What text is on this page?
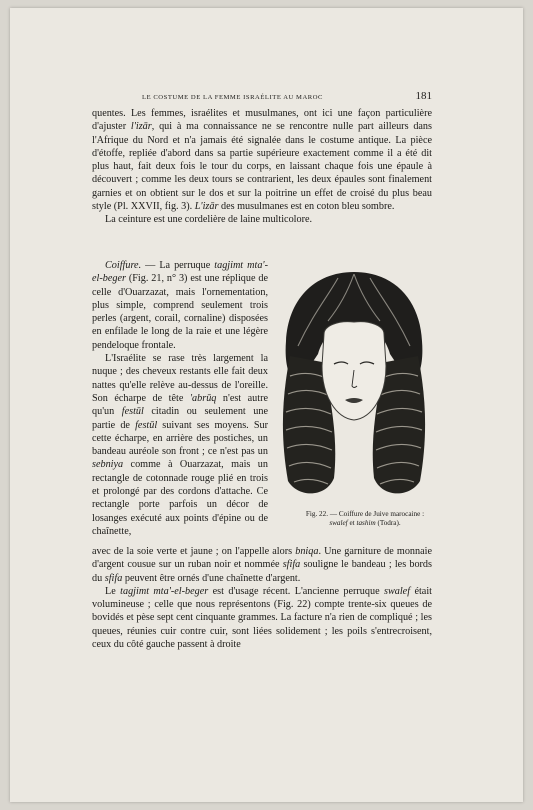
LE COSTUME DE LA FEMME ISRAÉLITE AU MAROC	181

quentes. Les femmes, israélites et musulmanes, ont ici une façon particulière d'ajuster l'izār, qui à ma connaissance ne se rencontre nulle part ailleurs dans l'Afrique du Nord et n'a jamais été signalée dans le costume antique. La pièce d'étoffe, repliée d'abord dans sa partie supérieure exactement comme il a été dit plus haut, fait deux fois le tour du corps, en laissant chaque fois une épaule à découvert ; comme les deux tours se contrarient, les deux épaules sont finalement garnies et on obtient sur le dos et sur la poitrine un effet de croisé du plus beau style (Pl. XXVII, fig. 3). L'izār des musulmanes est en coton bleu sombre.

La ceinture est une cordelière de laine multicolore.

Coiffure. — La perruque tagjimt mta'-el-beger (Fig. 21, n° 3) est une réplique de celle d'Ouarzazat, mais l'ornementation, plus simple, comprend seulement trois perles (argent, corail, cornaline) disposées en enfilade le long de la raie et une légère pendeloque frontale.

L'Israélite se rase très largement la nuque ; des cheveux restants elle fait deux nattes qu'elle relève au-dessus de l'oreille. Son écharpe de tête 'abrūq n'est autre qu'un festūl citadin ou seulement une partie de festūl suivant ses moyens. Sur cette écharpe, en arrière des postiches, un bandeau auréole son front ; ce n'est pas un sebniya comme à Ouarzazat, mais un rectangle de cotonnade rouge plié en trois et prolongé par des cordons d'attache. Ce rectangle porte parfois un décor de losanges exécuté aux points d'épine ou de chaînette,

Fig. 22. — Coiffure de Juive marocaine :
swalef et tashim (Todra).

avec de la soie verte et jaune ; on l'appelle alors bniqa. Une garniture de monnaie d'argent cousue sur un ruban noir et nommée sfifa souligne le bandeau ; les bords du sfifa peuvent être ornés d'une chaînette d'argent.

Le tagjimt mta'-el-beger est d'usage récent. L'ancienne perruque swalef était volumineuse ; celle que nous représentons (Fig. 22) compte trente-six queues de bovidés et pèse sept cent cinquante grammes. La facture n'a rien de compliqué ; les queues, réunies cuir contre cuir, sont liées solidement ; les poils s'entrecroisent, ceux du côté gauche passent à droite
